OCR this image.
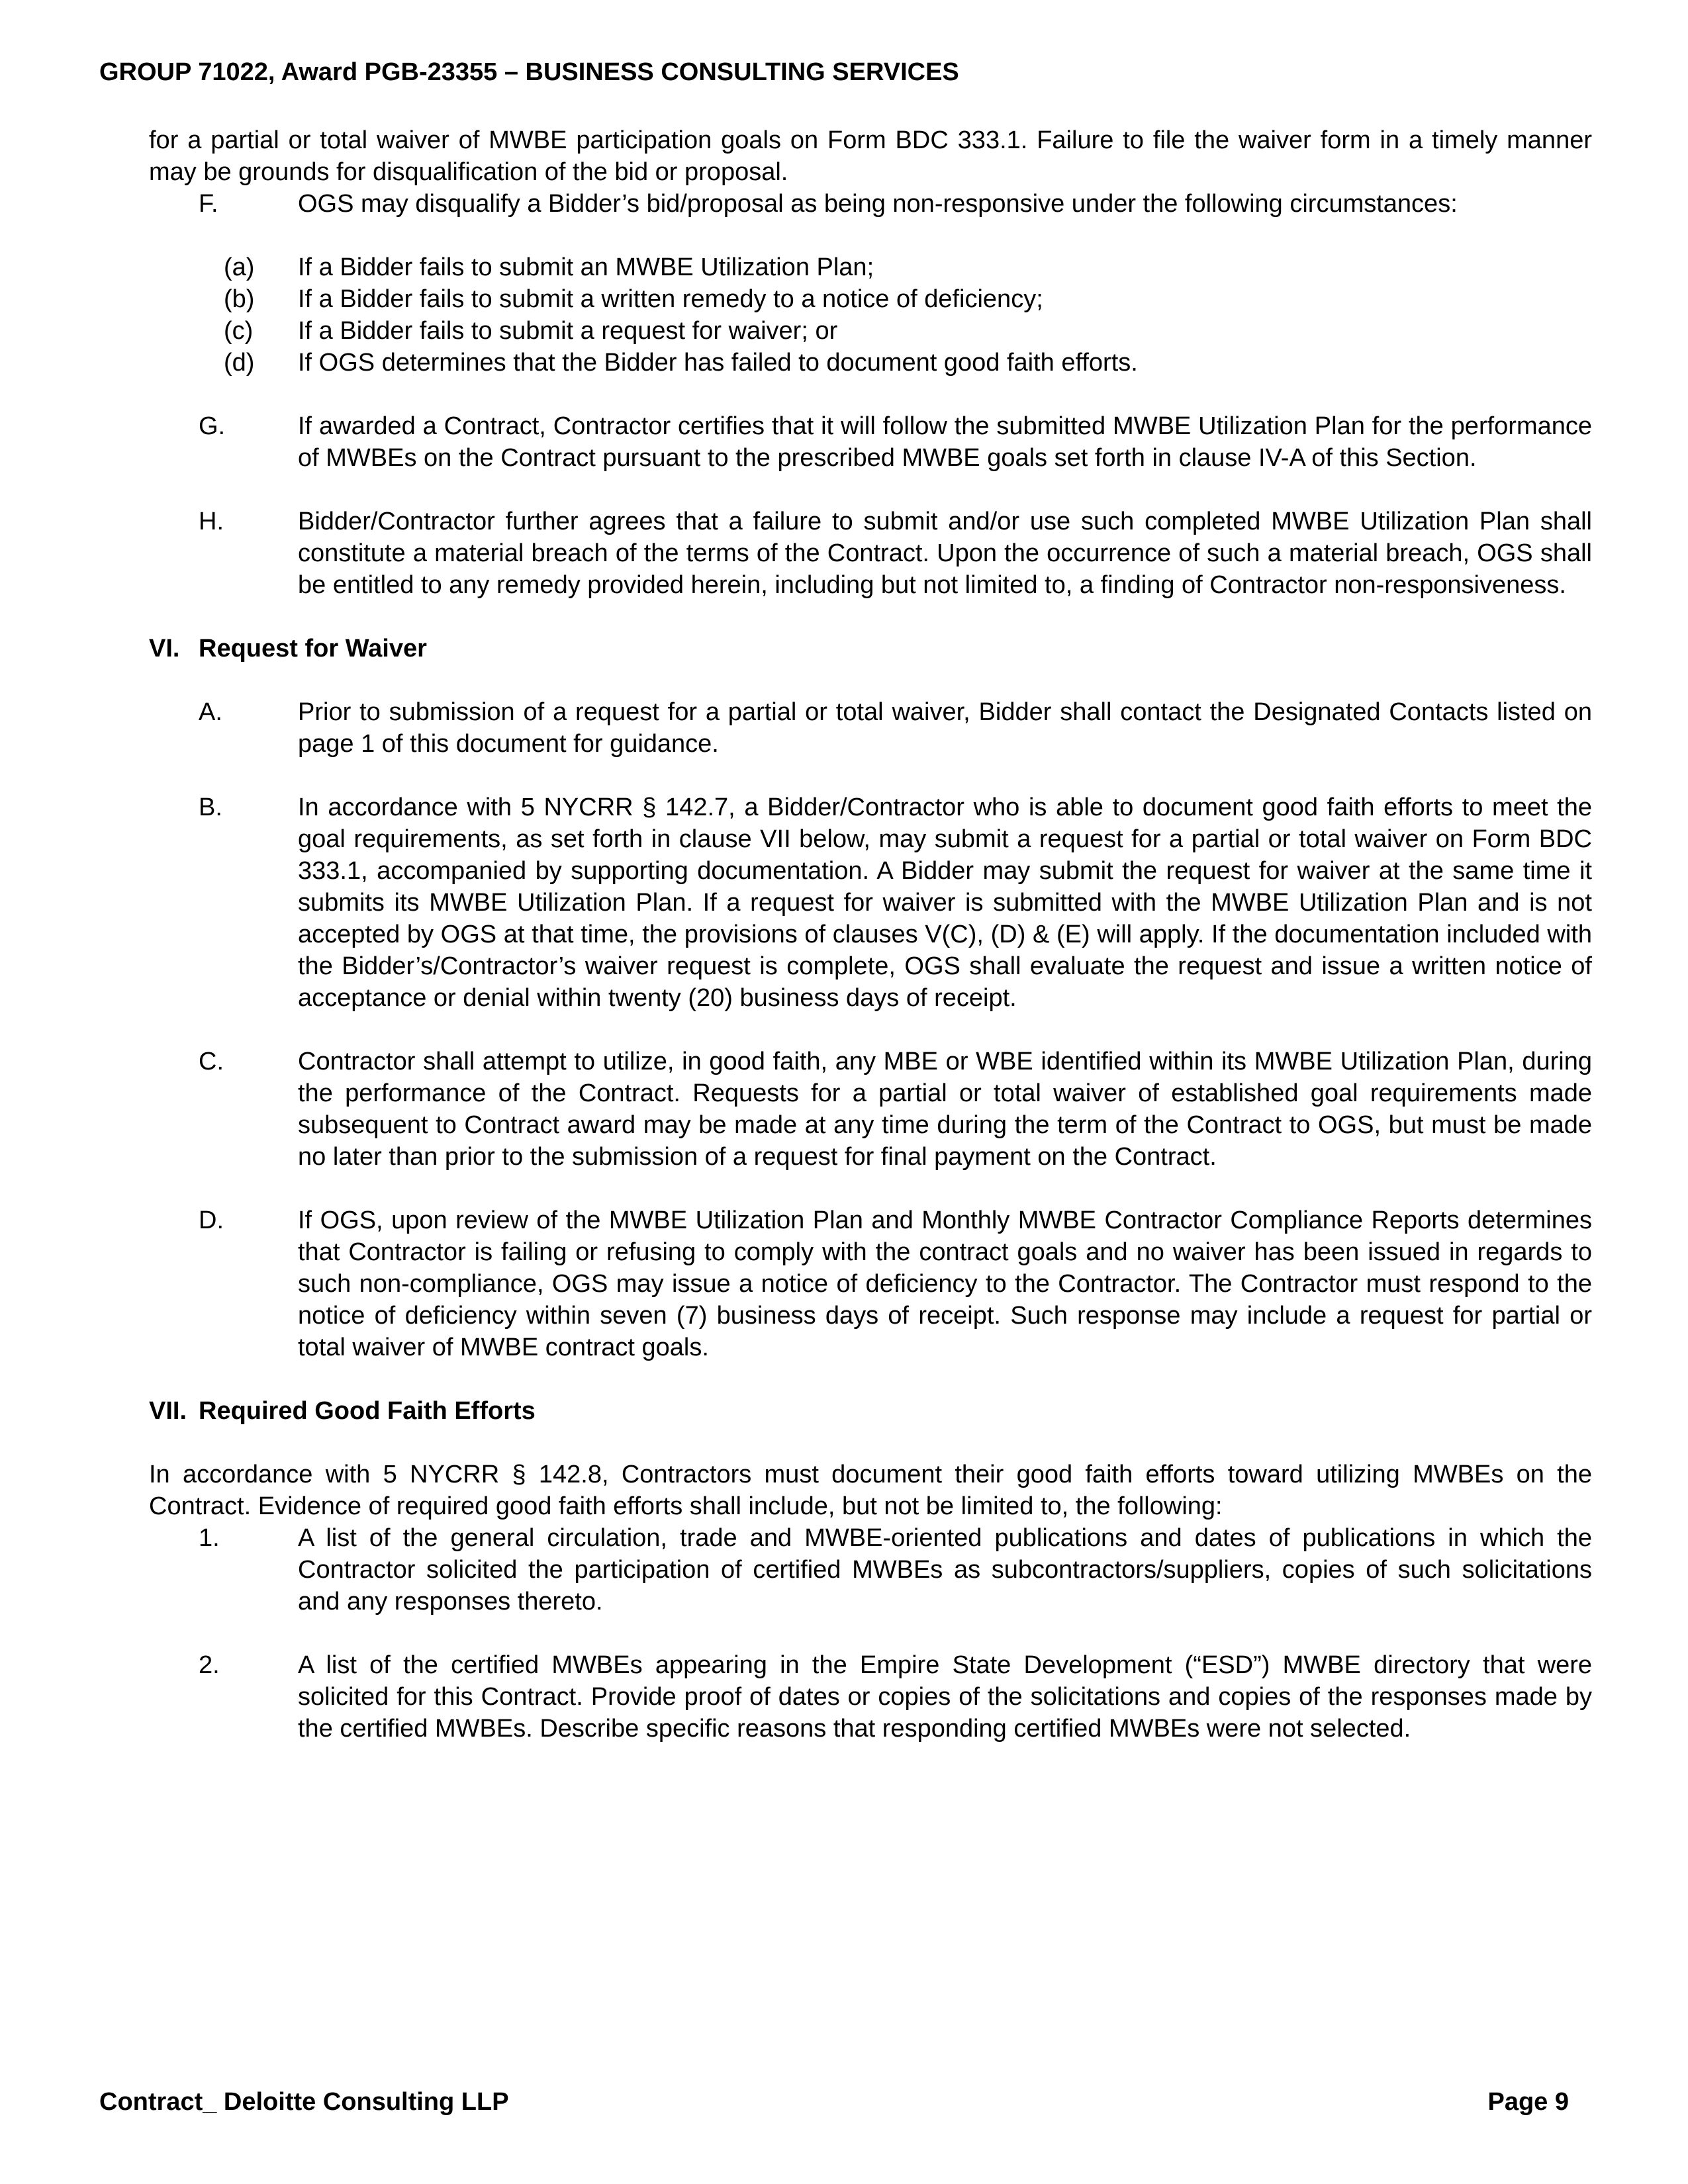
GROUP 71022, Award PGB-23355 – BUSINESS CONSULTING SERVICES

for a partial or total waiver of MWBE participation goals on Form BDC 333.1. Failure to file the waiver form in a timely manner may be grounds for disqualification of the bid or proposal.

F.	OGS may disqualify a Bidder’s bid/proposal as being non-responsive under the following circumstances:
(a)	If a Bidder fails to submit an MWBE Utilization Plan;
(b)	If a Bidder fails to submit a written remedy to a notice of deficiency;
(c)	If a Bidder fails to submit a request for waiver; or
(d)	If OGS determines that the Bidder has failed to document good faith efforts.
G.	If awarded a Contract, Contractor certifies that it will follow the submitted MWBE Utilization Plan for the performance of MWBEs on the Contract pursuant to the prescribed MWBE goals set forth in clause IV-A of this Section.
H.	Bidder/Contractor further agrees that a failure to submit and/or use such completed MWBE Utilization Plan shall constitute a material breach of the terms of the Contract. Upon the occurrence of such a material breach, OGS shall be entitled to any remedy provided herein, including but not limited to, a finding of Contractor non-responsiveness.
VI. Request for Waiver
A.	Prior to submission of a request for a partial or total waiver, Bidder shall contact the Designated Contacts listed on page 1 of this document for guidance.
B.	In accordance with 5 NYCRR § 142.7, a Bidder/Contractor who is able to document good faith efforts to meet the goal requirements, as set forth in clause VII below, may submit a request for a partial or total waiver on Form BDC 333.1, accompanied by supporting documentation. A Bidder may submit the request for waiver at the same time it submits its MWBE Utilization Plan. If a request for waiver is submitted with the MWBE Utilization Plan and is not accepted by OGS at that time, the provisions of clauses V(C), (D) & (E) will apply. If the documentation included with the Bidder’s/Contractor’s waiver request is complete, OGS shall evaluate the request and issue a written notice of acceptance or denial within twenty (20) business days of receipt.
C.	Contractor shall attempt to utilize, in good faith, any MBE or WBE identified within its MWBE Utilization Plan, during the performance of the Contract. Requests for a partial or total waiver of established goal requirements made subsequent to Contract award may be made at any time during the term of the Contract to OGS, but must be made no later than prior to the submission of a request for final payment on the Contract.
D.	If OGS, upon review of the MWBE Utilization Plan and Monthly MWBE Contractor Compliance Reports determines that Contractor is failing or refusing to comply with the contract goals and no waiver has been issued in regards to such non-compliance, OGS may issue a notice of deficiency to the Contractor. The Contractor must respond to the notice of deficiency within seven (7) business days of receipt. Such response may include a request for partial or total waiver of MWBE contract goals.
VII. Required Good Faith Efforts

In accordance with 5 NYCRR § 142.8, Contractors must document their good faith efforts toward utilizing MWBEs on the Contract. Evidence of required good faith efforts shall include, but not be limited to, the following:

1.	A list of the general circulation, trade and MWBE-oriented publications and dates of publications in which the Contractor solicited the participation of certified MWBEs as subcontractors/suppliers, copies of such solicitations and any responses thereto.
2.	A list of the certified MWBEs appearing in the Empire State Development (“ESD”) MWBE directory that were solicited for this Contract. Provide proof of dates or copies of the solicitations and copies of the responses made by the certified MWBEs. Describe specific reasons that responding certified MWBEs were not selected.
Contract_ Deloitte Consulting LLP	Page 9
